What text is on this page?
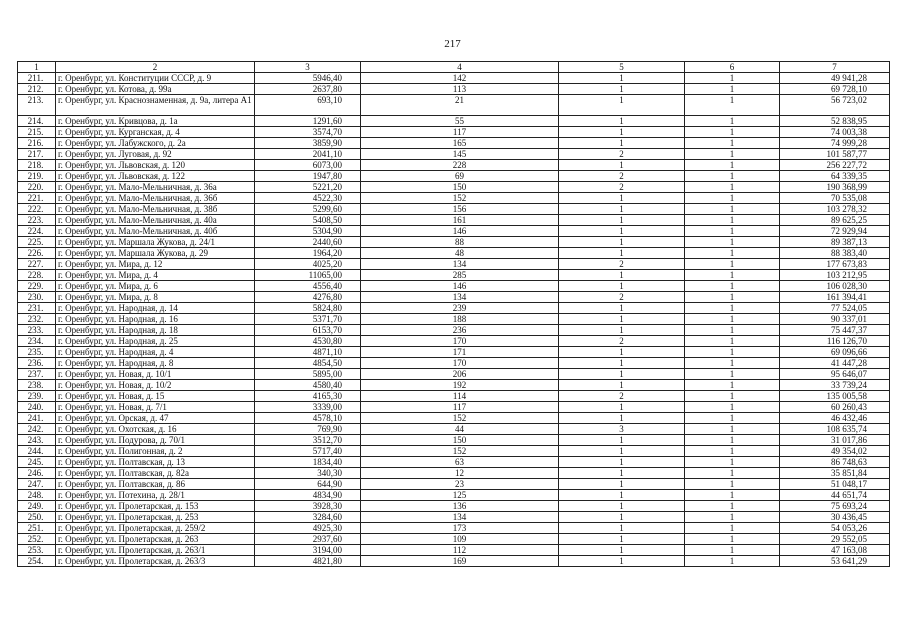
217
1	2	3	4	5	6	7
211.	г. Оренбург, ул. Конституции СССР, д. 9	5946,40	142	1	1	49 941,28
212.	г. Оренбург, ул. Котова, д. 99а	2637,80	113	1	1	69 728,10
213.	г. Оренбург, ул. Краснознаменная, д. 9а, литера А1	693,10	21	1	1	56 723,02
214.	г. Оренбург, ул. Кривцова, д. 1а	1291,60	55	1	1	52 838,95
215.	г. Оренбург, ул. Курганская, д. 4	3574,70	117	1	1	74 003,38
216.	г. Оренбург, ул. Лабужского, д. 2а	3859,90	165	1	1	74 999,28
217.	г. Оренбург, ул. Луговая, д. 92	2041,10	145	2	1	101 587,77
218.	г. Оренбург, ул. Львовская, д. 120	6073,00	228	1	1	256 227,72
219.	г. Оренбург, ул. Львовская, д. 122	1947,80	69	2	1	64 339,35
220.	г. Оренбург, ул. Мало-Мельничная, д. 36а	5221,20	150	2	1	190 368,99
221.	г. Оренбург, ул. Мало-Мельничная, д. 36б	4522,30	152	1	1	70 535,08
222.	г. Оренбург, ул. Мало-Мельничная, д. 38б	5299,60	156	1	1	103 278,32
223.	г. Оренбург, ул. Мало-Мельничная, д. 40а	5408,50	161	1	1	89 625,25
224.	г. Оренбург, ул. Мало-Мельничная, д. 40б	5304,90	146	1	1	72 929,94
225.	г. Оренбург, ул. Маршала Жукова, д. 24/1	2440,60	88	1	1	89 387,13
226.	г. Оренбург, ул. Маршала Жукова, д. 29	1964,20	48	1	1	88 383,40
227.	г. Оренбург, ул. Мира, д. 12	4025,20	134	2	1	177 673,83
228.	г. Оренбург, ул. Мира, д. 4	11065,00	285	1	1	103 212,95
229.	г. Оренбург, ул. Мира, д. 6	4556,40	146	1	1	106 028,30
230.	г. Оренбург, ул. Мира, д. 8	4276,80	134	2	1	161 394,41
231.	г. Оренбург, ул. Народная, д. 14	5824,80	239	1	1	77 524,05
232.	г. Оренбург, ул. Народная, д. 16	5371,70	188	1	1	90 337,01
233.	г. Оренбург, ул. Народная, д. 18	6153,70	236	1	1	75 447,37
234.	г. Оренбург, ул. Народная, д. 25	4530,80	170	2	1	116 126,70
235.	г. Оренбург, ул. Народная, д. 4	4871,10	171	1	1	69 096,66
236.	г. Оренбург, ул. Народная, д. 8	4854,50	170	1	1	41 447,28
237.	г. Оренбург, ул. Новая, д. 10/1	5895,00	206	1	1	95 646,07
238.	г. Оренбург, ул. Новая, д. 10/2	4580,40	192	1	1	33 739,24
239.	г. Оренбург, ул. Новая, д. 15	4165,30	114	2	1	135 005,58
240.	г. Оренбург, ул. Новая, д. 7/1	3339,00	117	1	1	60 260,43
241.	г. Оренбург, ул. Орская, д. 47	4578,10	152	1	1	46 432,46
242.	г. Оренбург, ул. Охотская, д. 16	769,90	44	3	1	108 635,74
243.	г. Оренбург, ул. Подурова, д. 70/1	3512,70	150	1	1	31 017,86
244.	г. Оренбург, ул. Полигонная, д. 2	5717,40	152	1	1	49 354,02
245.	г. Оренбург, ул. Полтавская, д. 13	1834,40	63	1	1	86 748,63
246.	г. Оренбург, ул. Полтавская, д. 82а	340,30	12	1	1	35 851,84
247.	г. Оренбург, ул. Полтавская, д. 86	644,90	23	1	1	51 048,17
248.	г. Оренбург, ул. Потехина, д. 28/1	4834,90	125	1	1	44 651,74
249.	г. Оренбург, ул. Пролетарская, д. 153	3928,30	136	1	1	75 693,24
250.	г. Оренбург, ул. Пролетарская, д. 253	3284,60	134	1	1	30 436,45
251.	г. Оренбург, ул. Пролетарская, д. 259/2	4925,30	173	1	1	54 053,26
252.	г. Оренбург, ул. Пролетарская, д. 263	2937,60	109	1	1	29 552,05
253.	г. Оренбург, ул. Пролетарская, д. 263/1	3194,00	112	1	1	47 163,08
254.	г. Оренбург, ул. Пролетарская, д. 263/3	4821,80	169	1	1	53 641,29
